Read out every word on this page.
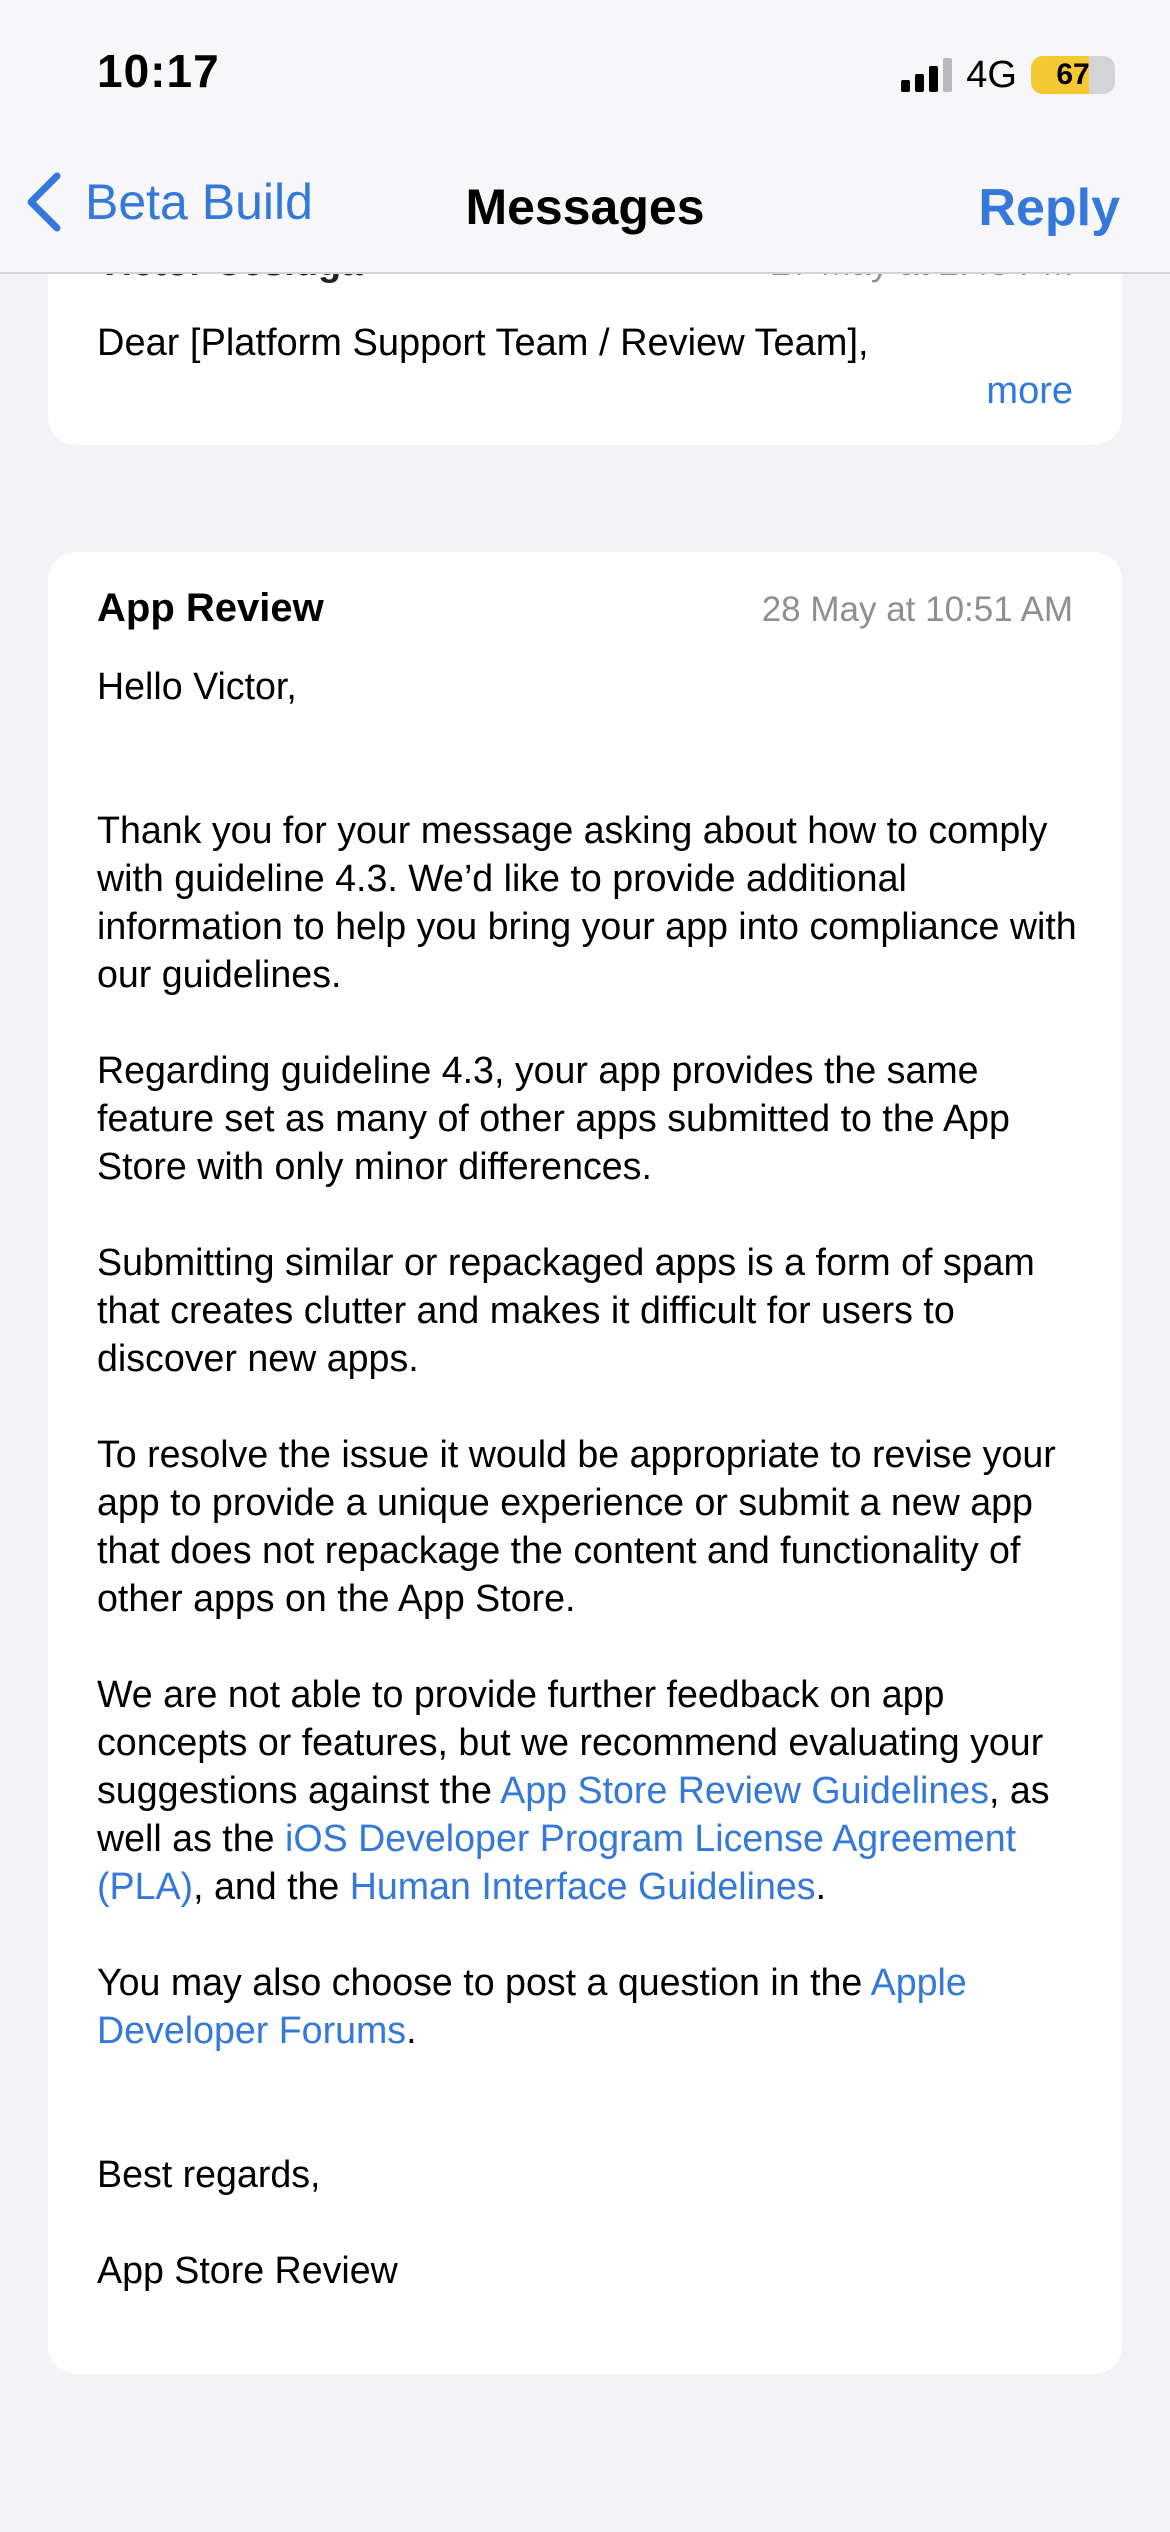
Dear [Platform Support Team / Review Team],
more
10:17	4G	67
Beta Build	Messages	Reply
App Review	28 May at 10:51 AM

Hello Victor,

Thank you for your message asking about how to comply with guideline 4.3. We’d like to provide additional information to help you bring your app into compliance with our guidelines.

Regarding guideline 4.3, your app provides the same feature set as many of other apps submitted to the App Store with only minor differences.

Submitting similar or repackaged apps is a form of spam that creates clutter and makes it difficult for users to discover new apps.

To resolve the issue it would be appropriate to revise your app to provide a unique experience or submit a new app that does not repackage the content and functionality of other apps on the App Store.

We are not able to provide further feedback on app concepts or features, but we recommend evaluating your suggestions against the App Store Review Guidelines, as well as the iOS Developer Program License Agreement (PLA), and the Human Interface Guidelines.

You may also choose to post a question in the Apple Developer Forums.

Best regards,

App Store Review
